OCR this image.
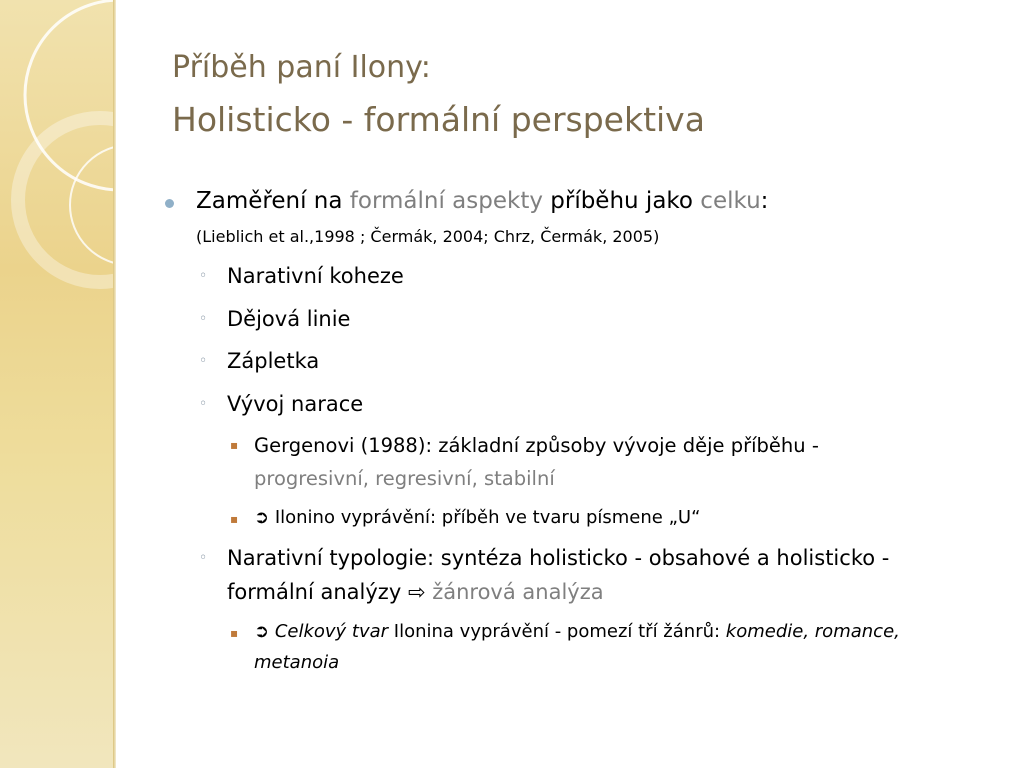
Příběh paní Ilony:
Holisticko - formální perspektiva
Zaměření na formální aspekty příběhu jako celku:
(Lieblich et al.,1998 ; Čermák, 2004; Chrz, Čermák, 2005)
◦ Narativní koheze
◦ Dějová linie
◦ Zápletka
◦ Vývoj narace
▪ Gergenovi (1988): základní způsoby vývoje děje příběhu -
progresivní, regresivní, stabilní
▪ ➲ Ilonino vyprávění: příběh ve tvaru písmene „U“
◦ Narativní typologie: syntéza holisticko - obsahové a holisticko -
formální analýzy ⇨ žánrová analýza
▪ ➲ Celkový tvar Ilonina vyprávění - pomezí tří žánrů: komedie, romance,
metanoia
